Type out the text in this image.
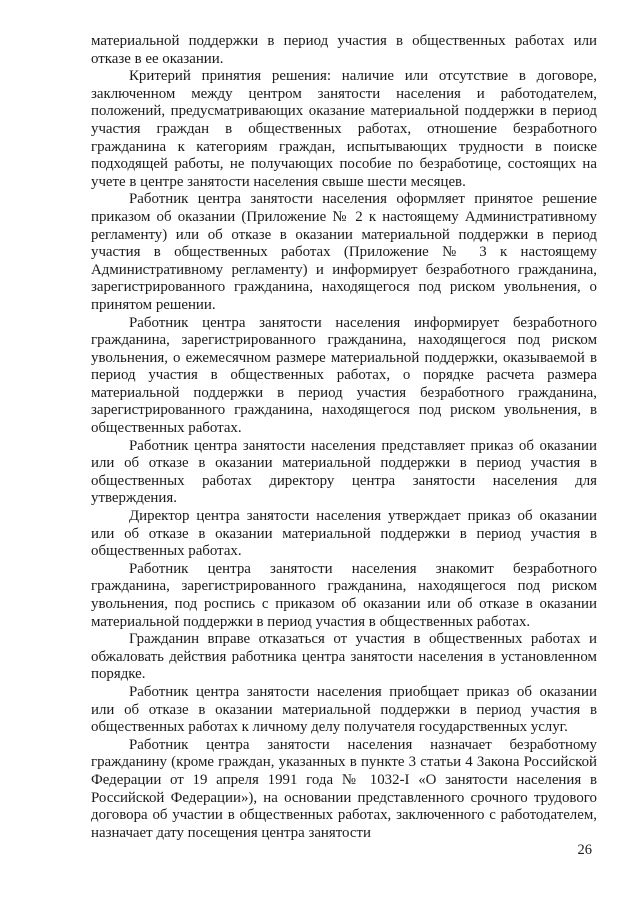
материальной поддержки в период участия в общественных работах или отказе в ее оказании.

Критерий принятия решения: наличие или отсутствие в договоре, заключенном между центром занятости населения и работодателем, положений, предусматривающих оказание материальной поддержки в период участия граждан в общественных работах, отношение безработного гражданина к категориям граждан, испытывающих трудности в поиске подходящей работы, не получающих пособие по безработице, состоящих на учете в центре занятости населения свыше шести месяцев.

Работник центра занятости населения оформляет принятое решение приказом об оказании (Приложение № 2 к настоящему Административному регламенту) или об отказе в оказании материальной поддержки в период участия в общественных работах (Приложение № 3 к настоящему Административному регламенту) и информирует безработного гражданина, зарегистрированного гражданина, находящегося под риском увольнения, о принятом решении.

Работник центра занятости населения информирует безработного гражданина, зарегистрированного гражданина, находящегося под риском увольнения, о ежемесячном размере материальной поддержки, оказываемой в период участия в общественных работах, о порядке расчета размера материальной поддержки в период участия безработного гражданина, зарегистрированного гражданина, находящегося под риском увольнения, в общественных работах.

Работник центра занятости населения представляет приказ об оказании или об отказе в оказании материальной поддержки в период участия в общественных работах директору центра занятости населения для утверждения.

Директор центра занятости населения утверждает приказ об оказании или об отказе в оказании материальной поддержки в период участия в общественных работах.

Работник центра занятости населения знакомит безработного гражданина, зарегистрированного гражданина, находящегося под риском увольнения, под роспись с приказом об оказании или об отказе в оказании материальной поддержки в период участия в общественных работах.

Гражданин вправе отказаться от участия в общественных работах и обжаловать действия работника центра занятости населения в установленном порядке.

Работник центра занятости населения приобщает приказ об оказании или об отказе в оказании материальной поддержки в период участия в общественных работах к личному делу получателя государственных услуг.

Работник центра занятости населения назначает безработному гражданину (кроме граждан, указанных в пункте 3 статьи 4 Закона Российской Федерации от 19 апреля 1991 года № 1032-I «О занятости населения в Российской Федерации»), на основании представленного срочного трудового договора об участии в общественных работах, заключенного с работодателем, назначает дату посещения центра занятости

26
